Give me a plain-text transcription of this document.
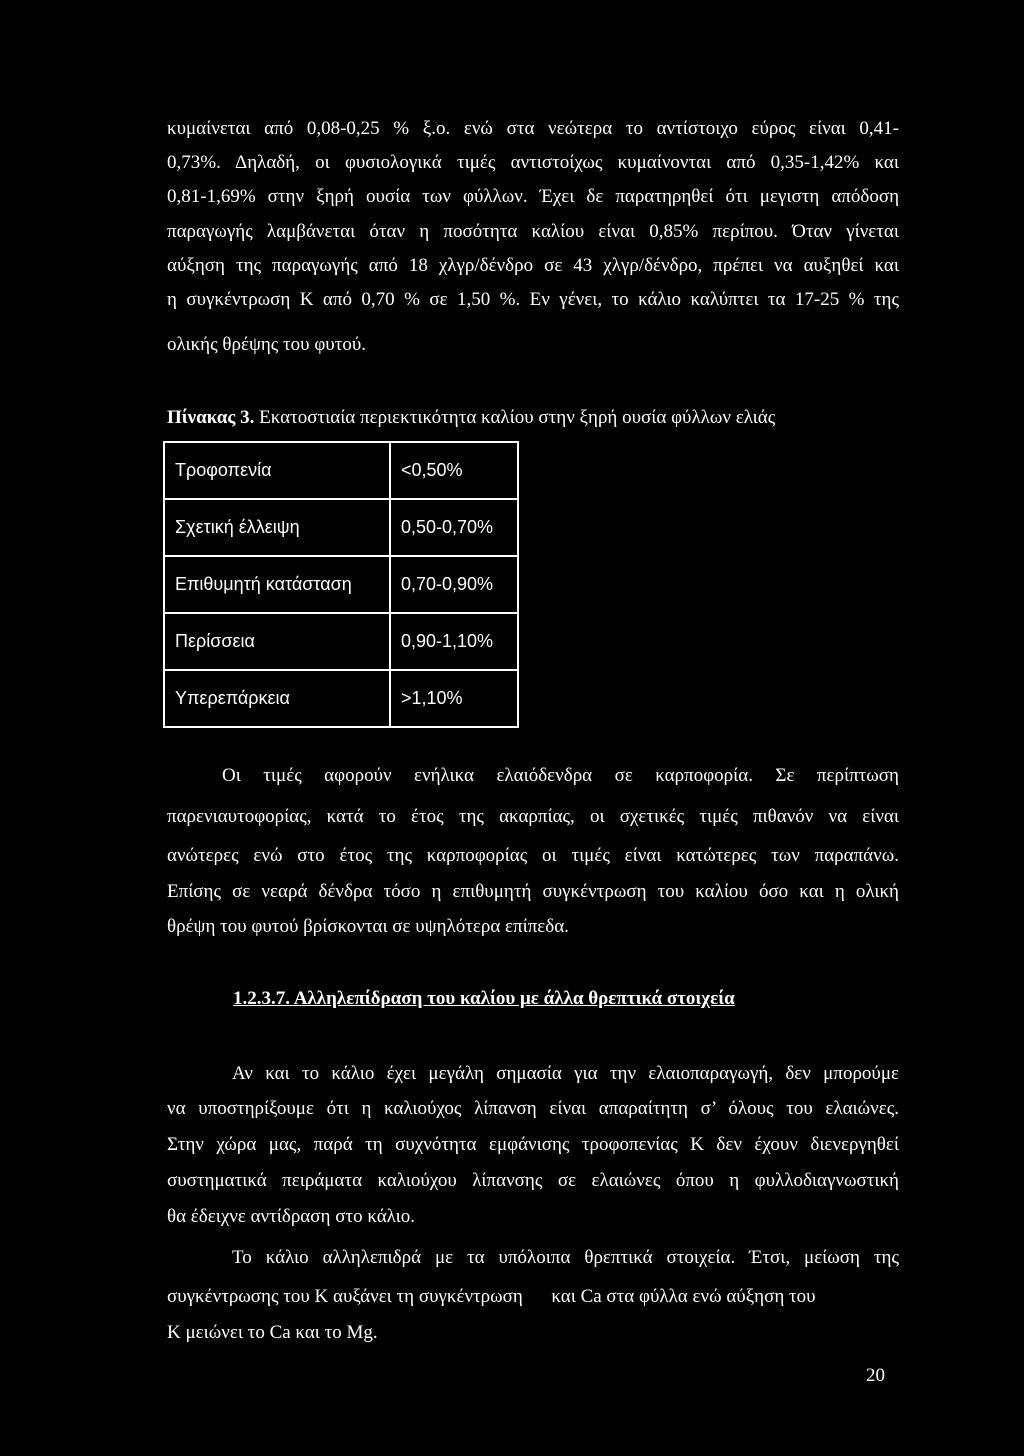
κυμαίνεται από 0,08-0,25 % ξ.ο. ενώ στα νεώτερα το αντίστοιχο εύρος είναι 0,41-
0,73%. Δηλαδή, οι φυσιολογικά τιμές αντιστοίχως κυμαίνονται από 0,35-1,42% και
0,81-1,69% στην ξηρή ουσία των φύλλων. Έχει δε παρατηρηθεί ότι μεγιστη απόδοση
παραγωγής λαμβάνεται όταν η ποσότητα καλίου είναι 0,85% περίπου. Όταν γίνεται
αύξηση της παραγωγής από 18 χλγρ/δένδρο σε 43 χλγρ/δένδρο, πρέπει να αυξηθεί και
η συγκέντρωση Κ από 0,70 % σε 1,50 %. Εν γένει, το κάλιο καλύπτει τα 17-25 % της
ολικής θρέψης του φυτού.
Πίνακας 3. Εκατοστιαία περιεκτικότητα καλίου στην ξηρή ουσία φύλλων ελιάς
Τροφοπενία	<0,50%
Σχετική έλλειψη	0,50-0,70%
Επιθυμητή κατάσταση	0,70-0,90%
Περίσσεια	0,90-1,10%
Υπερεπάρκεια	>1,10%
Οι τιμές αφορούν ενήλικα ελαιόδενδρα σε καρποφορία. Σε περίπτωση
παρενιαυτοφορίας, κατά το έτος της ακαρπίας, οι σχετικές τιμές πιθανόν να είναι
ανώτερες ενώ στο έτος της καρποφορίας οι τιμές είναι κατώτερες των παραπάνω.
Επίσης σε νεαρά δένδρα τόσο η επιθυμητή συγκέντρωση του καλίου όσο και η ολική
θρέψη του φυτού βρίσκονται σε υψηλότερα επίπεδα.
1.2.3.7. Αλληλεπίδραση του καλίου με άλλα θρεπτικά στοιχεία
Αν και το κάλιο έχει μεγάλη σημασία για την ελαιοπαραγωγή, δεν μπορούμε
να υποστηρίξουμε ότι η καλιούχος λίπανση είναι απαραίτητη σ’ όλους του ελαιώνες.
Στην χώρα μας, παρά τη συχνότητα εμφάνισης τροφοπενίας Κ δεν έχουν διενεργηθεί
συστηματικά πειράματα καλιούχου λίπανσης σε ελαιώνες όπου η φυλλοδιαγνωστική
θα έδειχνε αντίδραση στο κάλιο.
Το κάλιο αλληλεπιδρά με τα υπόλοιπα θρεπτικά στοιχεία. Έτσι, μείωση της
συγκέντρωσης του Κ αυξάνει τη συγκέντρωση      και Ca στα φύλλα ενώ αύξηση του
Κ μειώνει το Ca και το Mg.
20
